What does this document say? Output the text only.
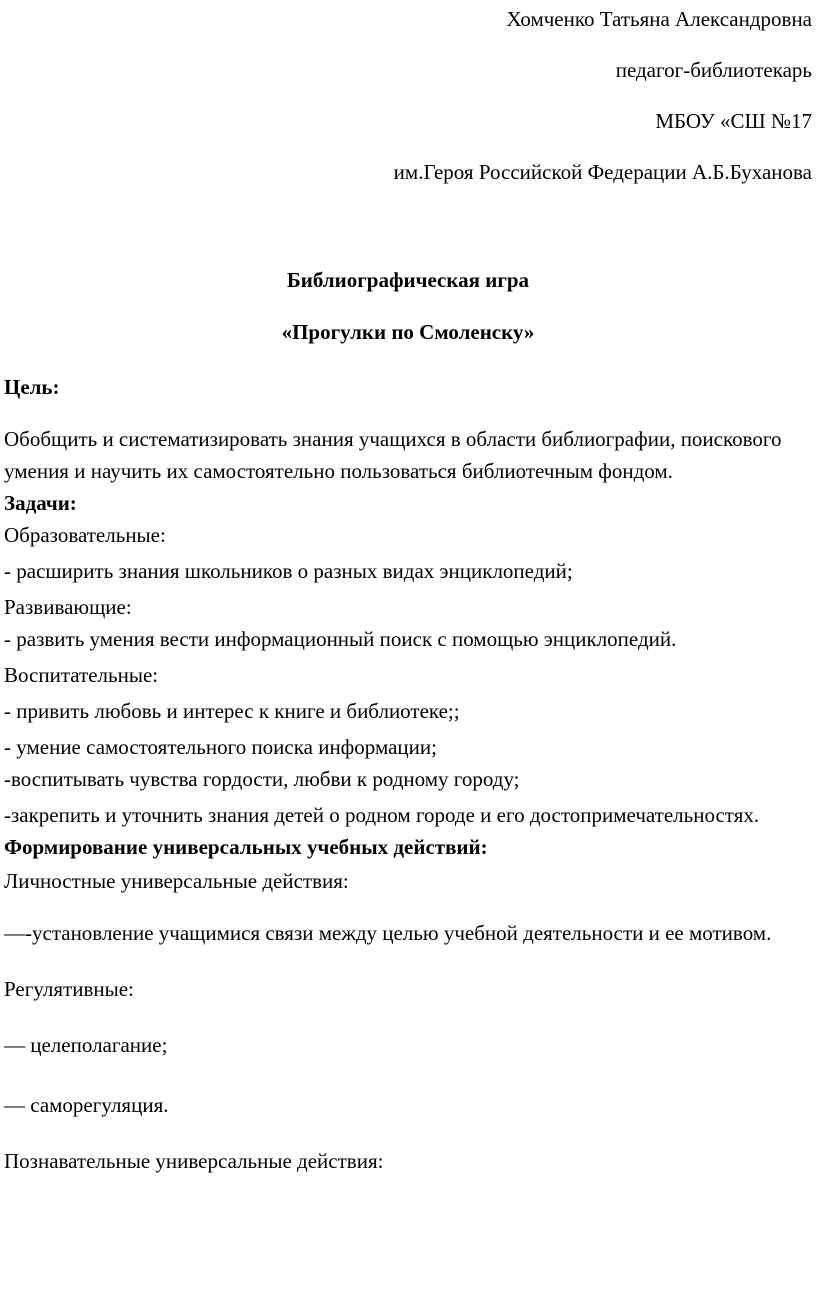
Хомченко Татьяна Александровна

педагог-библиотекарь

МБОУ «СШ №17

им.Героя Российской Федерации А.Б.Буханова

Библиографическая игра

«Прогулки по Смоленску»

Цель:

Обобщить и систематизировать знания учащихся в области библиографии, поискового умения и научить их самостоятельно пользоваться библиотечным фондом.

Задачи:

Образовательные:

- расширить знания школьников о разных видах энциклопедий;

Развивающие:

- развить умения вести информационный поиск с помощью энциклопедий.

Воспитательные:

- привить любовь и интерес к книге и библиотеке;;

- умение самостоятельного поиска информации;

-воспитывать чувства гордости, любви к родному городу;

-закрепить и уточнить знания детей о родном городе и его достопримечательностях.

Формирование универсальных учебных действий:

Личностные универсальные действия:

—-установление учащимися связи между целью учебной деятельности и ее мотивом.

Регулятивные:

— целеполагание;

— саморегуляция.

Познавательные универсальные действия:
